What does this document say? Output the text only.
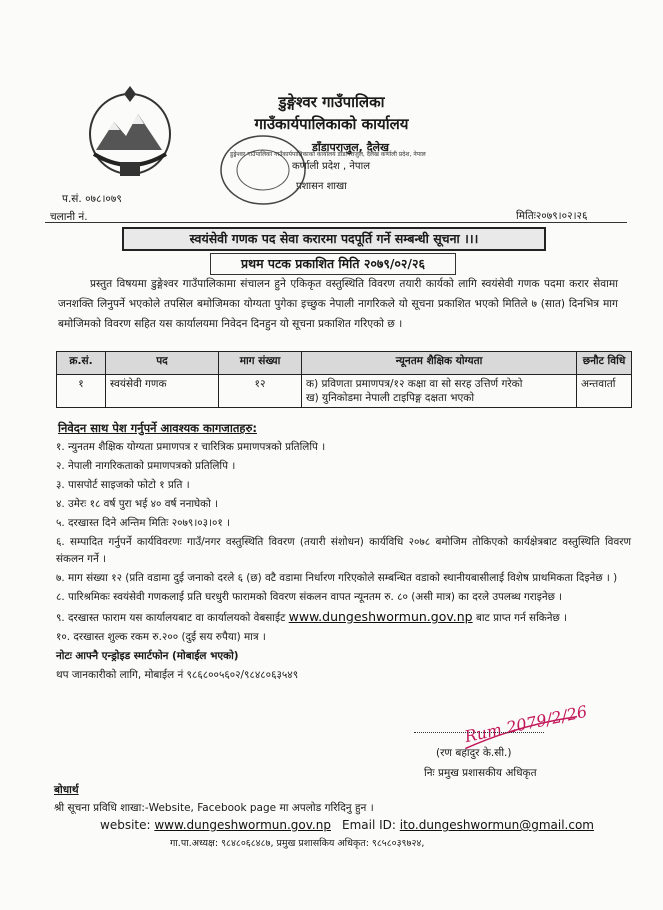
डुङ्गेश्वर गाउँपालिका
गाउँकार्यपालिकाको कार्यालय
डाँडापराजुल, दैलेख
कर्णाली प्रदेश , नेपाल
प्रशासन शाखा
डुङ्गेश्वर गाउँपालिका गाउँकार्यपालिकाको कार्यालय डाँडापराजुल, दैलेख कर्णाली प्रदेश, नेपाल
प.सं. ०७८।०७९
चलानी नं.	मितिः२०७९।०२।२६
स्वयंसेवी गणक पद सेवा करारमा पदपूर्ति गर्ने सम्बन्धी सूचना ।।।
प्रथम पटक प्रकाशित मिति २०७९/०२/२६
प्रस्तुत विषयमा डुङ्गेश्वर गाउँपालिकामा संचालन हुने एकिकृत वस्तुस्थिति विवरण तयारी कार्यको लागि स्वयंसेवी गणक पदमा करार सेवामा जनशक्ति लिनुपर्ने भएकोले तपसिल बमोजिमका योग्यता पुगेका इच्छुक नेपाली नागरिकले यो सूचना प्रकाशित भएको मितिले ७ (सात) दिनभित्र माग बमोजिमको विवरण सहित यस कार्यालयमा निवेदन दिनहुन यो सूचना प्रकाशित गरिएको छ ।
क्र.सं.	पद	माग संख्या	न्यूनतम शैक्षिक योग्यता	छनौट विधि
१	स्वयंसेवी गणक	१२	क) प्रविणता प्रमाणपत्र/१२ कक्षा वा सो सरह उत्तिर्ण गरेको
ख) युनिकोडमा नेपाली टाइपिङ्ग दक्षता भएको	अन्तवार्ता
निवेदन साथ पेश गर्नुपर्ने आवश्यक कागजातहरु:
१. न्युनतम शैक्षिक योग्यता प्रमाणपत्र र चारित्रिक प्रमाणपत्रको प्रतिलिपि ।
२. नेपाली नागरिकताको प्रमाणपत्रको प्रतिलिपि ।
३. पासपोर्ट साइजको फोटो १ प्रति ।
४. उमेरः १८ वर्ष पुरा भई ४० वर्ष ननाघेको ।
५. दरखास्त दिने अन्तिम मितिः २०७९।०३।०१ ।
६. सम्पादित गर्नुपर्ने कार्यविवरणः गाउँ/नगर वस्तुस्थिति विवरण (तयारी संशोधन) कार्यविधि २०७८ बमोजिम तोकिएको कार्यक्षेत्रबाट वस्तुस्थिति विवरण संकलन गर्ने ।
७. माग संख्या १२ (प्रति वडामा दुई जनाको दरले ६ (छ) वटै वडामा निर्धारण गरिएकोले सम्बन्धित वडाको स्थानीयबासीलाई विशेष प्राथमिकता दिइनेछ । )
८. पारिश्रमिकः स्वयंसेवी गणकलाई प्रति घरधुरी फारामको विवरण संकलन वापत न्यूनतम रु. ८० (असी मात्र) का दरले उपलब्ध गराइनेछ ।
९. दरखास्त फाराम यस कार्यालयबाट वा कार्यालयको वेबसाईट www.dungeshwormun.gov.np बाट प्राप्त गर्न सकिनेछ ।
१०. दरखास्त शुल्क रकम रु.२०० (दुई सय रुपैया) मात्र ।
नोटः आफ्नै एन्ड्रोइड स्मार्टफोन (मोबाईल भएको)
थप जानकारीको लागि, मोबाईल नं ९८६८००५६०२/९८४८०६३५४९
Rum 2079/2/26
(रण बहादुर के.सी.)
निः प्रमुख प्रशासकीय अधिकृत
बोधार्थ
श्री सूचना प्रविधि शाखा:-Website, Facebook page मा अपलोड गरिदिनु हुन ।
website: www.dungeshwormun.gov.np Email ID: ito.dungeshwormun@gmail.com
गा.पा.अध्यक्ष: ९८४८०६८४८७, प्रमुख प्रशासकिय अधिकृत: ९८५८०३९७२४,
